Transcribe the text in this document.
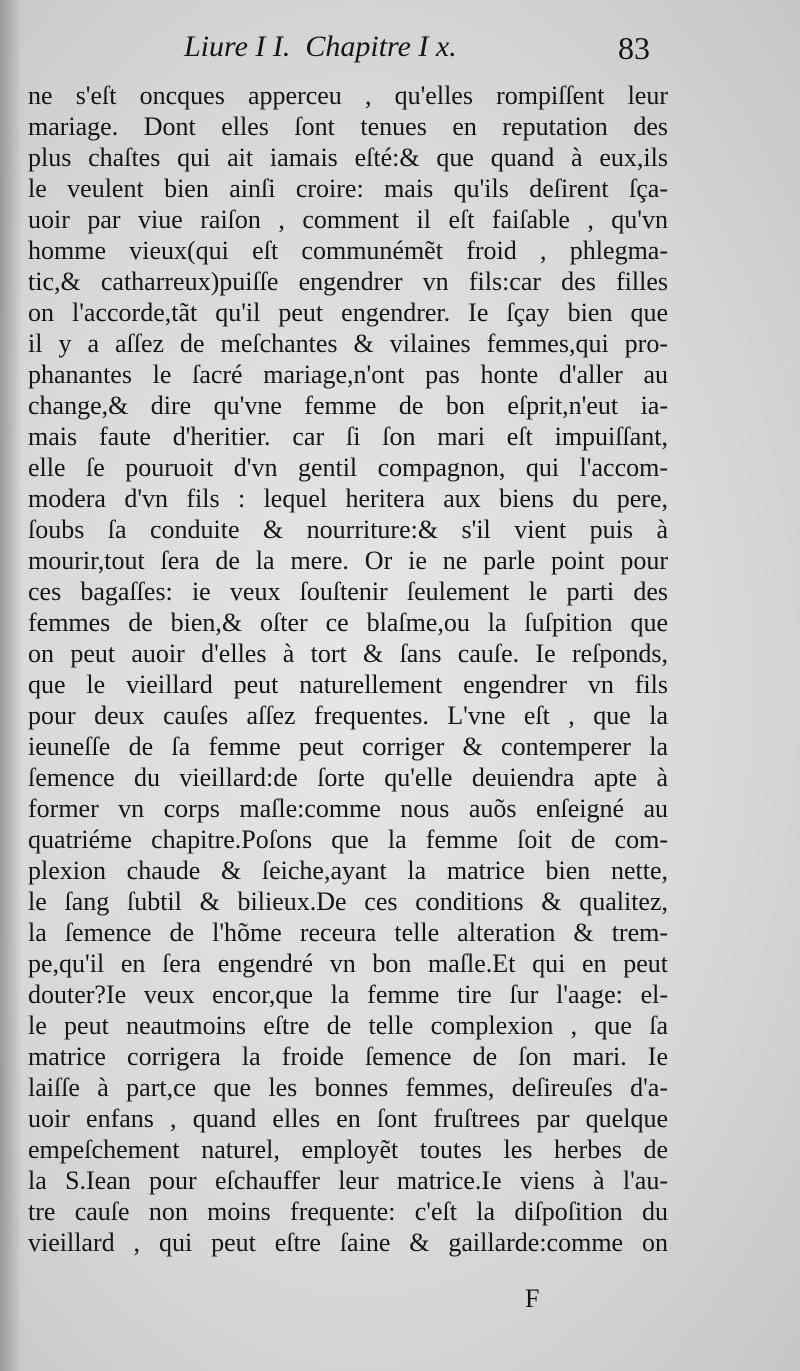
Liure I I.  Chapitre I x.	83
ne s'eſt oncques apperceu , qu'elles rompiſſent leur
mariage. Dont elles ſont tenues en reputation des
plus chaſtes qui ait iamais eſté:& que quand à eux,ils
le veulent bien ainſi croire: mais qu'ils deſirent ſça-
uoir par viue raiſon , comment il eſt faiſable , qu'vn
homme vieux(qui eſt communémẽt froid , phlegma-
tic,& catharreux)puiſſe engendrer vn fils:car des filles
on l'accorde,tãt qu'il peut engendrer. Ie ſçay bien que
il y a aſſez de meſchantes & vilaines femmes,qui pro-
phanantes le ſacré mariage,n'ont pas honte d'aller au
change,& dire qu'vne femme de bon eſprit,n'eut ia-
mais faute d'heritier. car ſi ſon mari eſt impuiſſant,
elle ſe pouruoit d'vn gentil compagnon, qui l'accom-
modera d'vn fils : lequel heritera aux biens du pere,
ſoubs ſa conduite & nourriture:& s'il vient puis à
mourir,tout ſera de la mere. Or ie ne parle point pour
ces bagaſſes: ie veux ſouſtenir ſeulement le parti des
femmes de bien,& oſter ce blaſme,ou la ſuſpition que
on peut auoir d'elles à tort & ſans cauſe. Ie reſponds,
que le vieillard peut naturellement engendrer vn fils
pour deux cauſes aſſez frequentes. L'vne eſt , que la
ieuneſſe de ſa femme peut corriger & contemperer la
ſemence du vieillard:de ſorte qu'elle deuiendra apte à
former vn corps maſle:comme nous auõs enſeigné au
quatriéme chapitre.Poſons que la femme ſoit de com-
plexion chaude & ſeiche,ayant la matrice bien nette,
le ſang ſubtil & bilieux.De ces conditions & qualitez,
la ſemence de l'hõme receura telle alteration & trem-
pe,qu'il en ſera engendré vn bon maſle.Et qui en peut
douter?Ie veux encor,que la femme tire ſur l'aage: el-
le peut neautmoins eſtre de telle complexion , que ſa
matrice corrigera la froide ſemence de ſon mari. Ie
laiſſe à part,ce que les bonnes femmes, deſireuſes d'a-
uoir enfans , quand elles en ſont fruſtrees par quelque
empeſchement naturel, employẽt toutes les herbes de
la S.Iean pour eſchauffer leur matrice.Ie viens à l'au-
tre cauſe non moins frequente: c'eſt la diſpoſition du
vieillard , qui peut eſtre ſaine & gaillarde:comme on
F
